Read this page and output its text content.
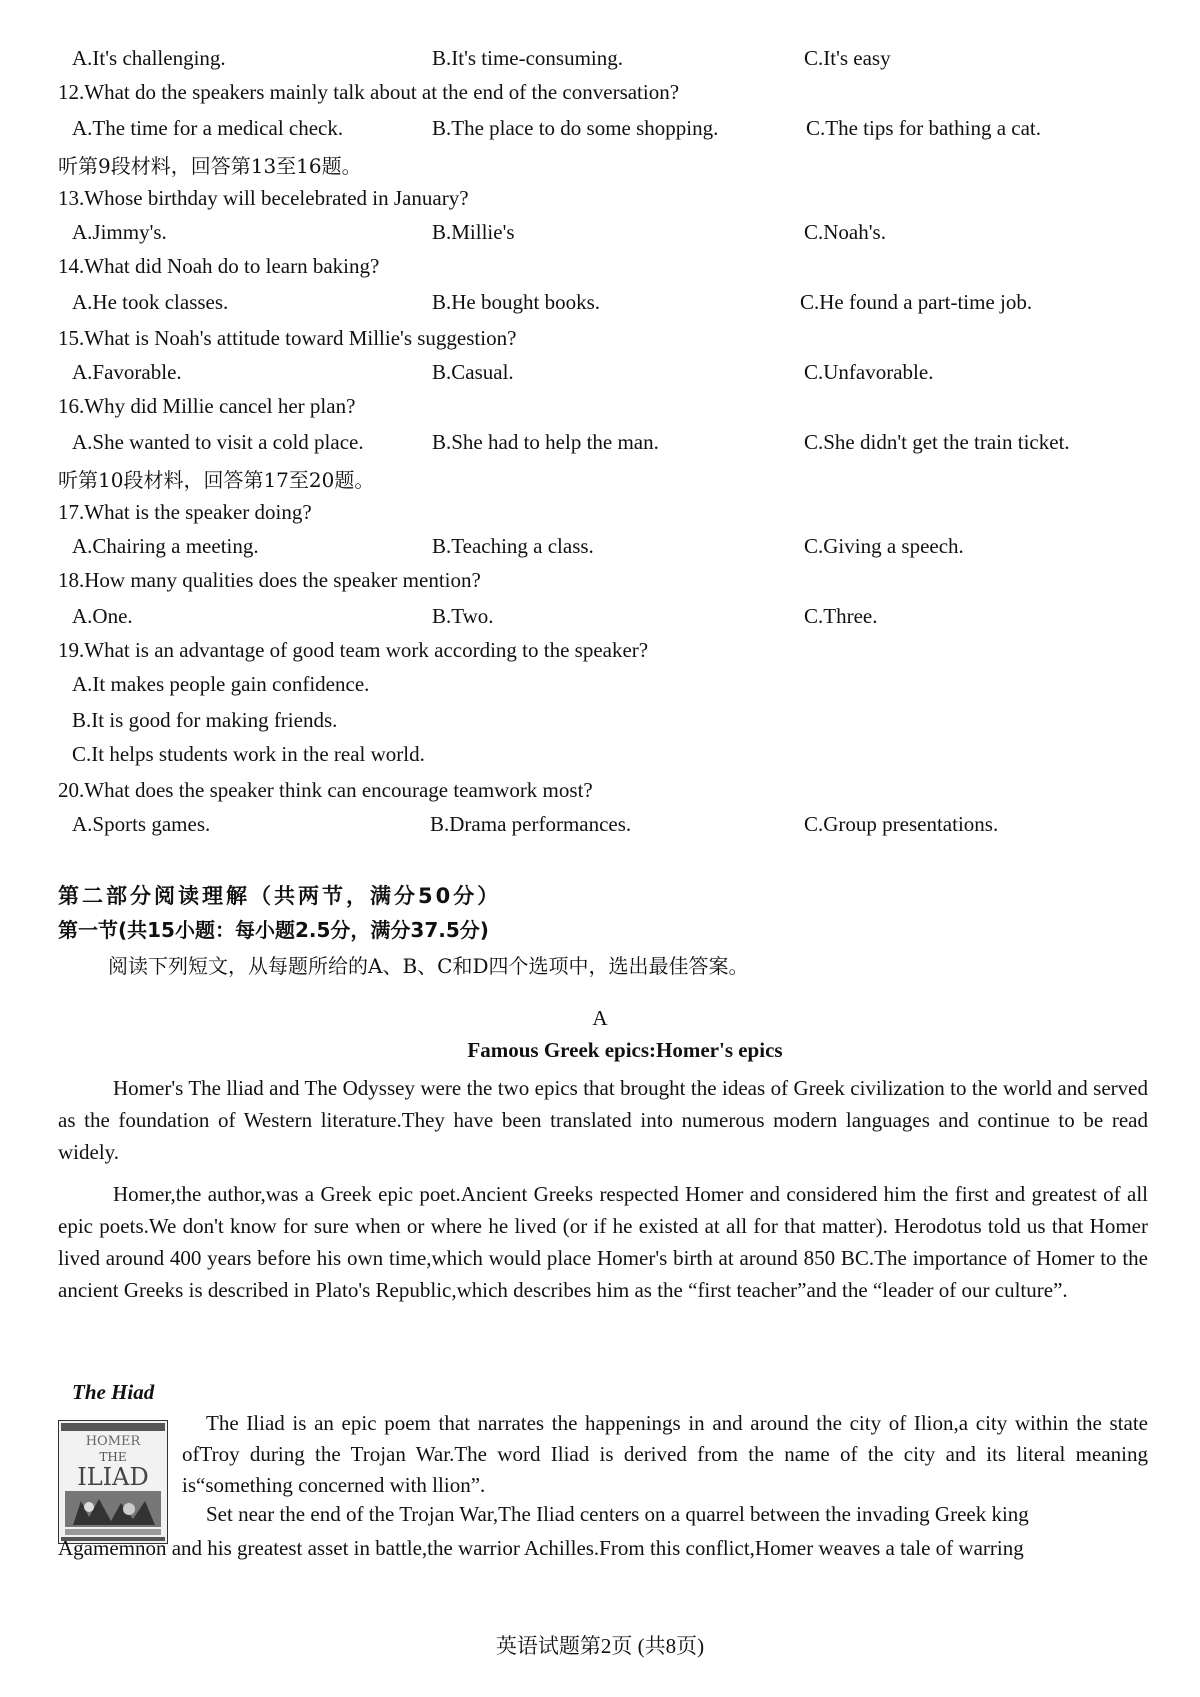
A.It's challenging.	B.It's time-consuming.	C.It's easy
12.What do the speakers mainly talk about at the end of the conversation?
A.The time for a medical check.	B.The place to do some shopping.	C.The tips for bathing a cat.
听第9段材料，回答第13至16题。
13.Whose birthday will becelebrated in January?
A.Jimmy's.	B.Millie's	C.Noah's.
14.What did Noah do to learn baking?
A.He took classes.	B.He bought books.	C.He found a part-time job.
15.What is Noah's attitude toward Millie's suggestion?
A.Favorable.	B.Casual.	C.Unfavorable.
16.Why did Millie cancel her plan?
A.She wanted to visit a cold place.	B.She had to help the man.	C.She didn't get the train ticket.
听第10段材料，回答第17至20题。
17.What is the speaker doing?
A.Chairing a meeting.	B.Teaching a class.	C.Giving a speech.
18.How many qualities does the speaker mention?
A.One.	B.Two.	C.Three.
19.What is an advantage of good team work according to the speaker?
A.It makes people gain confidence.
B.It is good for making friends.
C.It helps students work in the real world.
20.What does the speaker think can encourage teamwork most?
A.Sports games.	B.Drama performances.	C.Group presentations.
第二部分阅读理解（共两节，满分50分）
第一节(共15小题：每小题2.5分，满分37.5分)
阅读下列短文，从每题所给的A、B、C和D四个选项中，选出最佳答案。
A
Famous Greek epics:Homer's epics
Homer's The lliad and The Odyssey were the two epics that brought the ideas of Greek civilization to the world and served as the foundation of Western literature.They have been translated into numerous modern languages and continue to be read widely.
Homer,the author,was a Greek epic poet.Ancient Greeks respected Homer and considered him the first and greatest of all epic poets.We don't know for sure when or where he lived (or if he existed at all for that matter). Herodotus told us that Homer lived around 400 years before his own time,which would place Homer's birth at around 850 BC.The importance of Homer to the ancient Greeks is described in Plato's Republic,which describes him as the “first teacher”and the “leader of our culture”.
The Hiad
HOMER
THE
ILIAD
The Iliad is an epic poem that narrates the happenings in and around the city of Ilion,a city within the state ofTroy during the Trojan War.The word Iliad is derived from the name of the city and its literal meaning is“something concerned with llion”.
Set near the end of the Trojan War,The Iliad centers on a quarrel between the invading Greek king
Agamemnon and his greatest asset in battle,the warrior Achilles.From this conflict,Homer weaves a tale of warring
英语试题第2页 (共8页)
